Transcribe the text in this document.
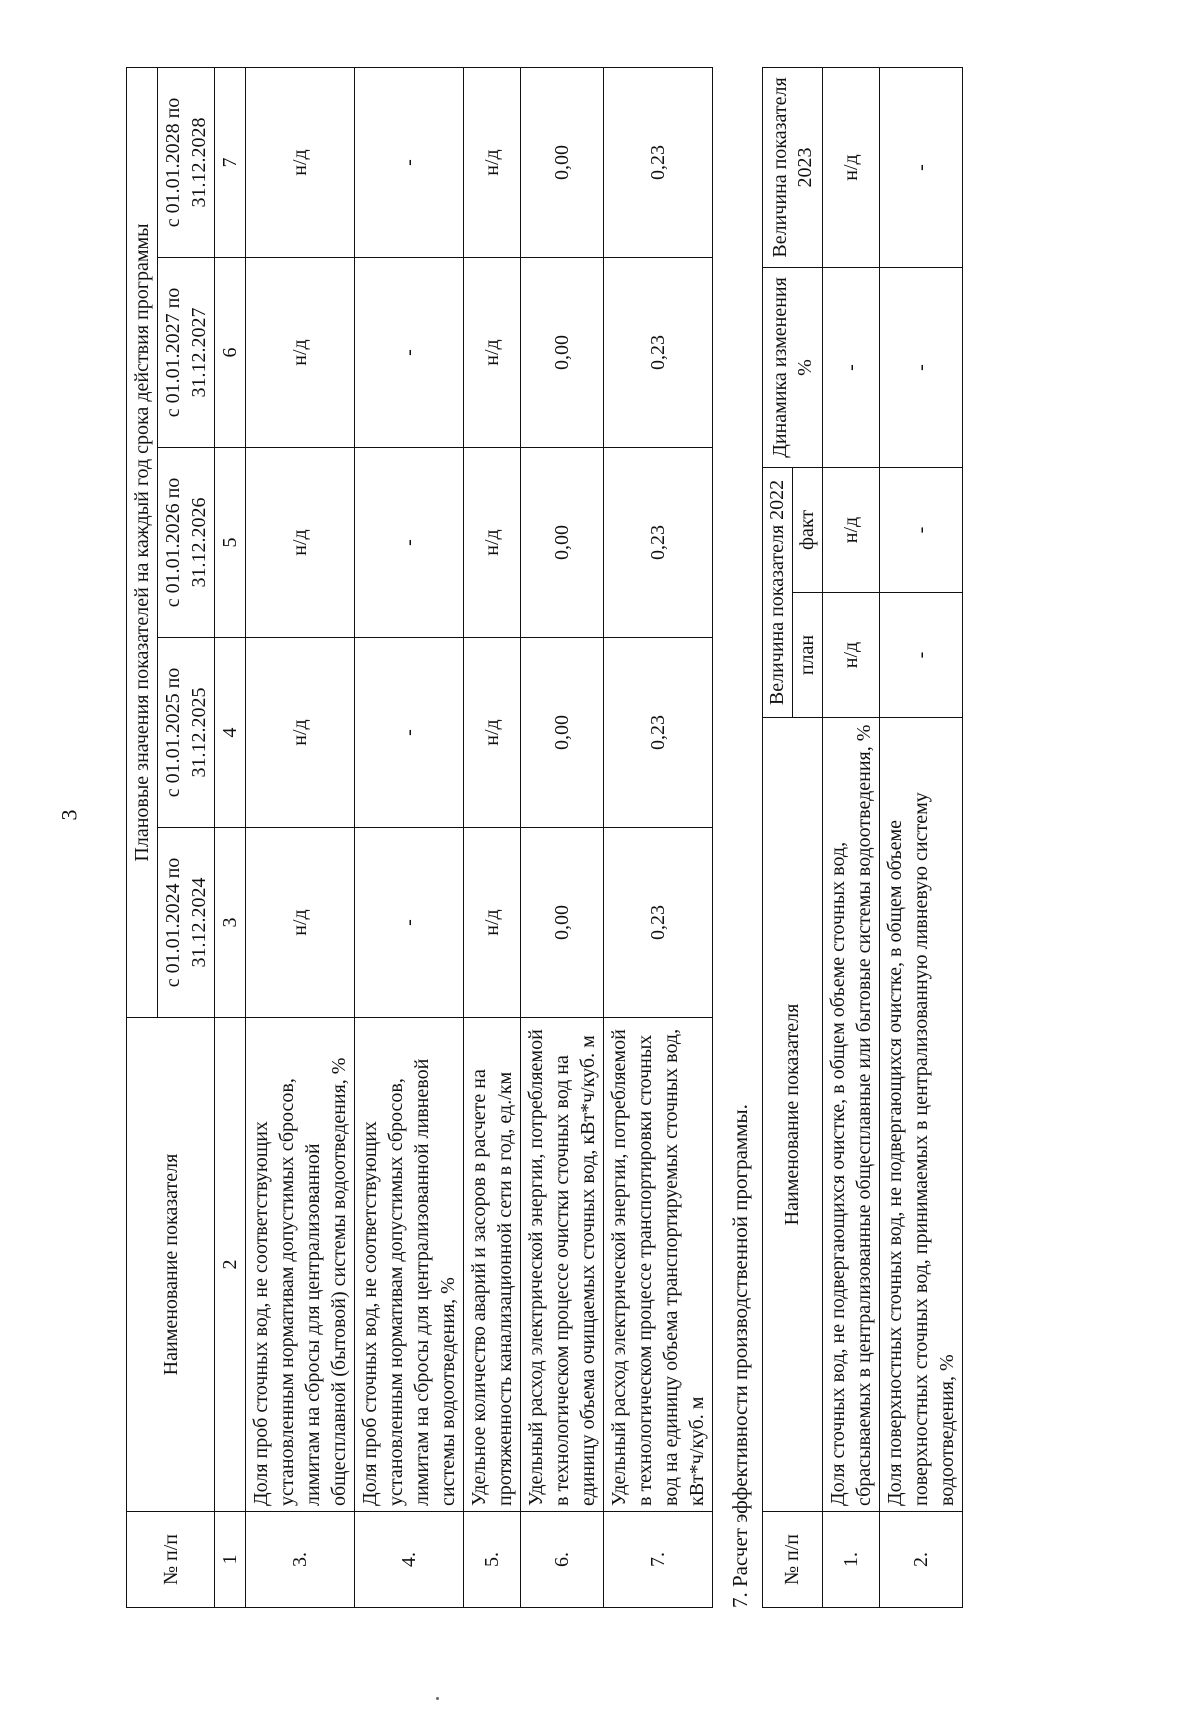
3
№ п/п	Наименование показателя	Плановые значения показателей на каждый год срока действия программы				
		с 01.01.2024 по 31.12.2024	с 01.01.2025 по 31.12.2025	с 01.01.2026 по 31.12.2026	с 01.01.2027 по 31.12.2027	с 01.01.2028 по 31.12.2028
1	2	3	4	5	6	7
3.	Доля проб сточных вод, не соответствующих установленным нормативам допустимых сбросов, лимитам на сбросы для централизованной общесплавной (бытовой) системы водоотведения, %	н/д	н/д	н/д	н/д	н/д
4.	Доля проб сточных вод, не соответствующих установленным нормативам допустимых сбросов, лимитам на сбросы для централизованной ливневой системы водоотведения, %	-	-	-	-	-
5.	Удельное количество аварий и засоров в расчете на протяженность канализационной сети в год, ед./км	н/д	н/д	н/д	н/д	н/д
6.	Удельный расход электрической энергии, потребляемой в технологическом процессе очистки сточных вод на единицу объема очищаемых сточных вод, кВт*ч/куб. м	0,00	0,00	0,00	0,00	0,00
7.	Удельный расход электрической энергии, потребляемой в технологическом процессе транспортировки сточных вод на единицу объема транспортируемых сточных вод, кВт*ч/куб. м	0,23	0,23	0,23	0,23	0,23
7. Расчет эффективности производственной программы. № п/п	Наименование показателя	Величина показателя 2022		Динамика изменения %	Величина показателя 2023
		план	факт		
1.	Доля сточных вод, не подвергающихся очистке, в общем объеме сточных вод, сбрасываемых в централизованные общесплавные или бытовые системы водоотведения, %	н/д	н/д	-	н/д
2.	Доля поверхностных сточных вод, не подвергающихся очистке, в общем объеме поверхностных сточных вод, принимаемых в централизованную ливневую систему водоотведения, %	-	-	-	-
